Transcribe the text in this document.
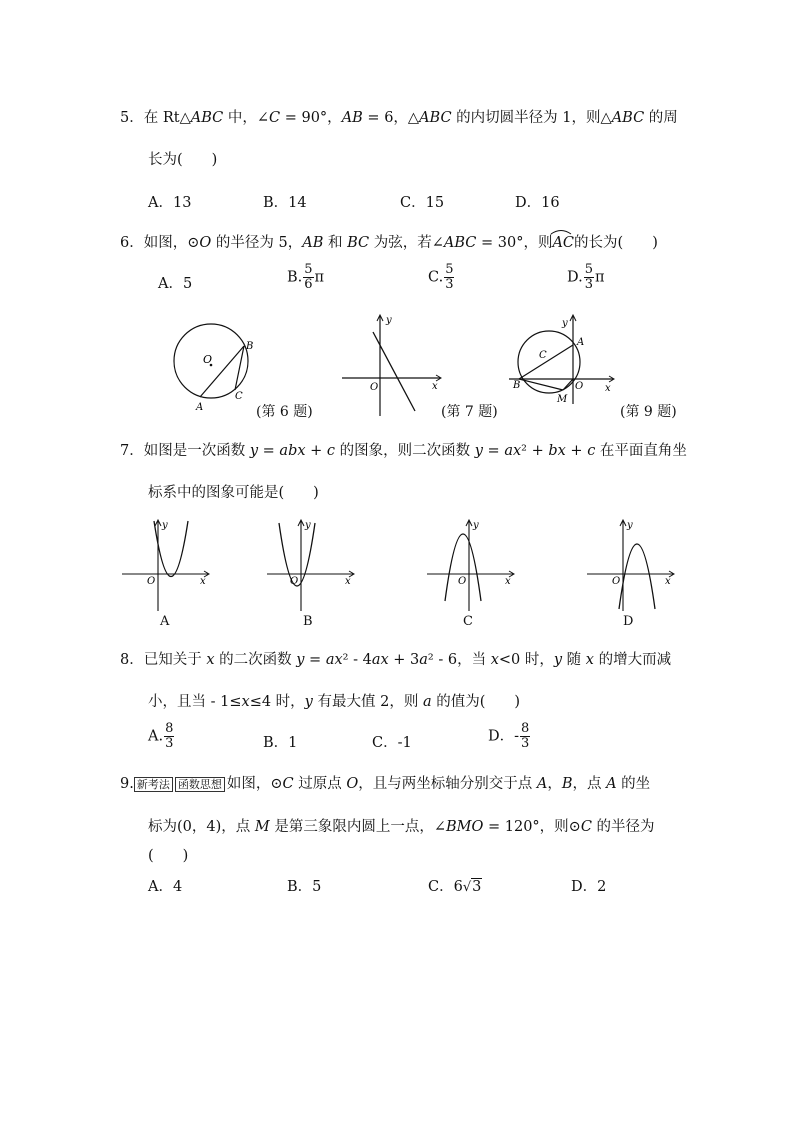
5．在 Rt△ABC 中，∠C = 90°，AB = 6，△ABC 的内切圆半径为 1，则△ABC 的周
长为(　　)
A．13	B．14	C．15	D．16
6．如图，⊙O 的半径为 5，AB 和 BC 为弦，若∠ABC = 30°，则AC
的长为(　　)
A．5	B. $\frac{5}{6}$ π	C. $\frac{5}{3}$	D. $\frac{5}{3}$ π
O
B
C
A	(第 6 题)
O	x
y
(第 7 题)
C
A
B	O
M
x
y
(第 9 题)
7．如图是一次函数 y = abx + c 的图象，则二次函数 y = ax² + bx + c 在平面直角坐
标系中的图象可能是(　　)
O	x
y
A
O	x
y
B
O	x
y
C
O	x
y
D
8．已知关于 x 的二次函数 y = ax² - 4ax + 3a² - 6，当 x<0 时，y 随 x 的增大而减
小，且当 - 1≤x≤4 时，y 有最大值 2，则 a 的值为(　　)
A. $\frac{8}{3}$	B．1	C．-1	D．- $\frac{8}{3}$
9. 新考法 函数思想 如图，⊙C 过原点 O，且与两坐标轴分别交于点 A，B，点 A 的坐
标为(0，4)，点 M 是第三象限内圆上一点，∠BMO = 120°，则⊙C 的半径为
(　　)
A．4	B．5	C．6√3	D．2
